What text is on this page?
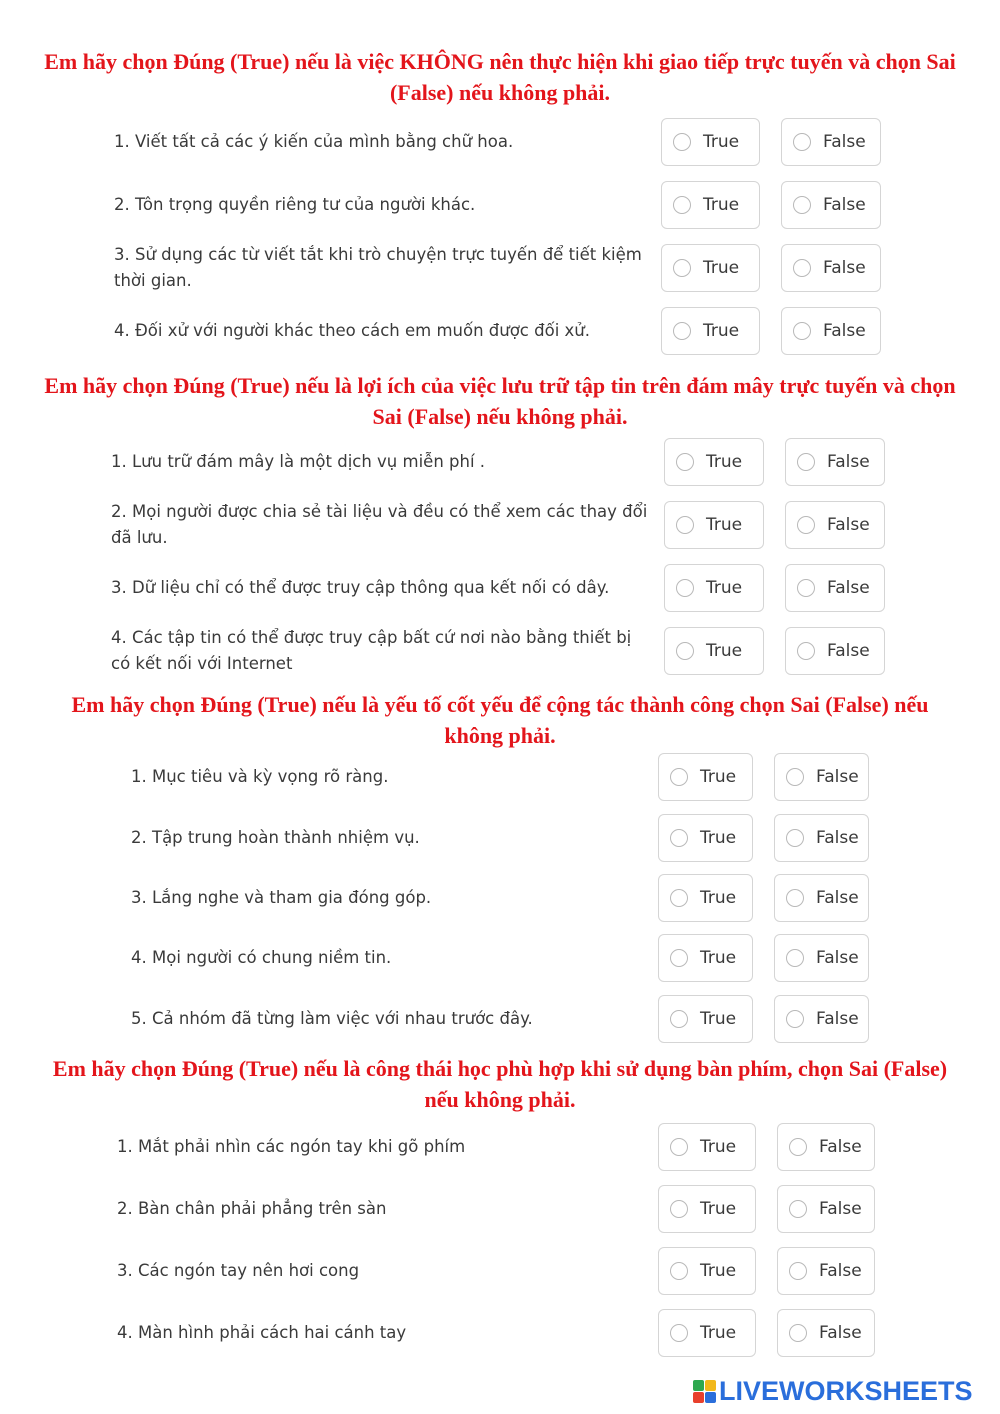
Em hãy chọn Đúng (True) nếu là việc KHÔNG nên thực hiện khi giao tiếp trực tuyến và chọn Sai (False) nếu không phải.
1. Viết tất cả các ý kiến của mình bằng chữ hoa.	True	False
2. Tôn trọng quyền riêng tư của người khác.	True	False
3. Sử dụng các từ viết tắt khi trò chuyện trực tuyến để tiết kiệm thời gian.
True	False
4. Đối xử với người khác theo cách em muốn được đối xử.	True	False
Em hãy chọn Đúng (True) nếu là lợi ích của việc lưu trữ tập tin trên đám mây trực tuyến và chọn Sai (False) nếu không phải.
1. Lưu trữ đám mây là một dịch vụ miễn phí .	True	False
2. Mọi người được chia sẻ tài liệu và đều có thể xem các thay đổi đã lưu.
True	False
3. Dữ liệu chỉ có thể được truy cập thông qua kết nối có dây.	True	False
4. Các tập tin có thể được truy cập bất cứ nơi nào bằng thiết bị có kết nối với Internet
True	False
Em hãy chọn Đúng (True) nếu là yếu tố cốt yếu để cộng tác thành công chọn Sai (False) nếu không phải.
1. Mục tiêu và kỳ vọng rõ ràng.	True	False
2. Tập trung hoàn thành nhiệm vụ.	True	False
3. Lắng nghe và tham gia đóng góp.	True	False
4. Mọi người có chung niềm tin.	True	False
5. Cả nhóm đã từng làm việc với nhau trước đây.	True	False
Em hãy chọn Đúng (True) nếu là công thái học phù hợp khi sử dụng bàn phím, chọn Sai (False) nếu không phải.
1. Mắt phải nhìn các ngón tay khi gõ phím	True	False
2. Bàn chân phải phẳng trên sàn	True	False
3. Các ngón tay nên hơi cong	True	False
4. Màn hình phải cách hai cánh tay	True	False
LIVEWORKSHEETS
